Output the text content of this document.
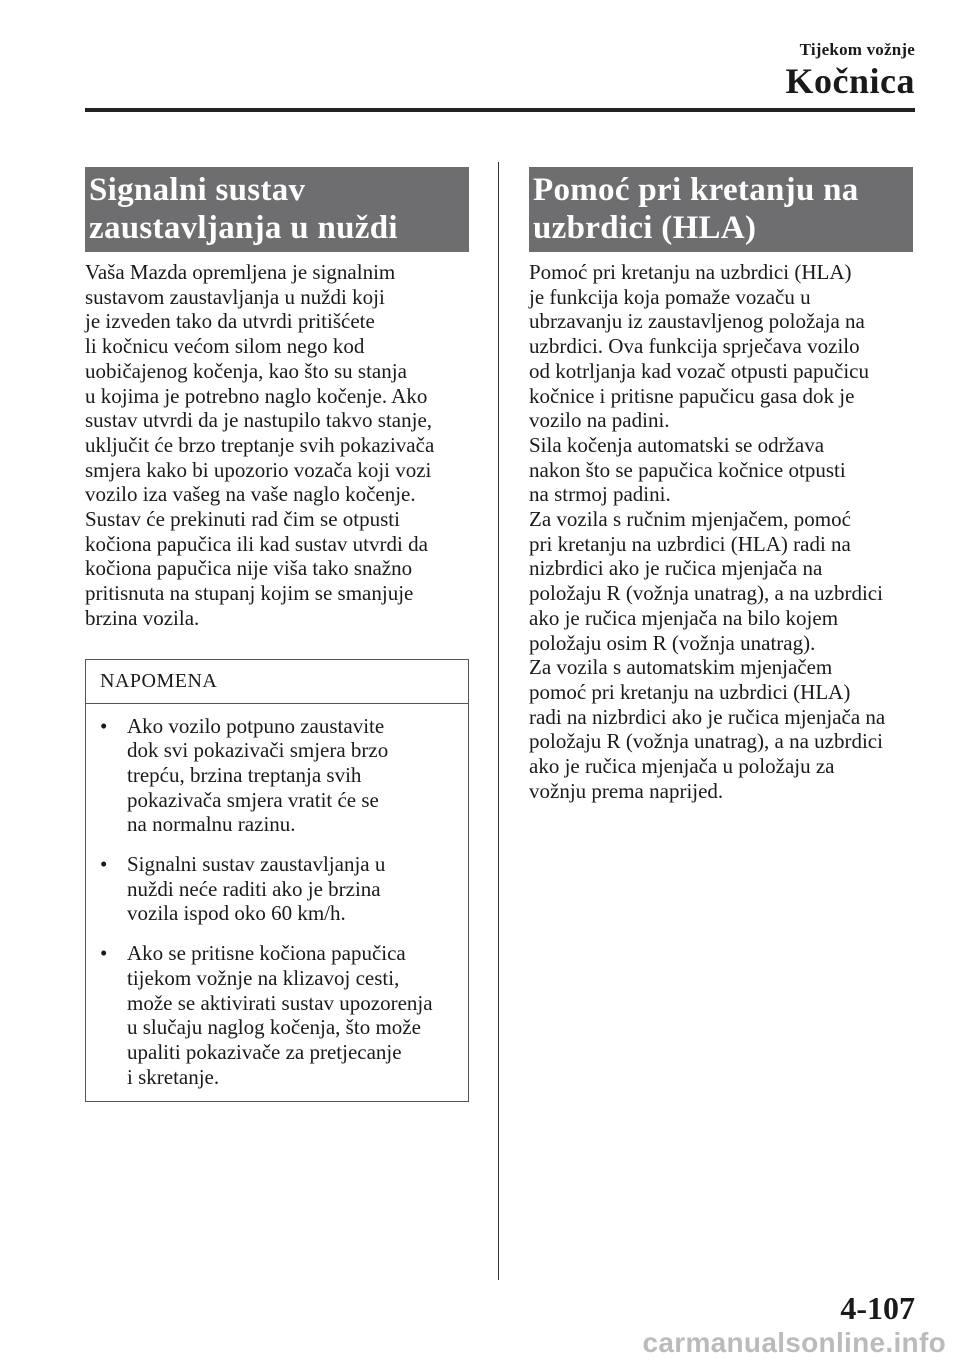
Tijekom vožnje
Kočnica
Signalni sustav
zaustavljanja u nuždi
Vaša Mazda opremljena je signalnim
sustavom zaustavljanja u nuždi koji
je izveden tako da utvrdi pritišćete
li kočnicu većom silom nego kod
uobičajenog kočenja, kao što su stanja
u kojima je potrebno naglo kočenje. Ako
sustav utvrdi da je nastupilo takvo stanje,
uključit će brzo treptanje svih pokazivača
smjera kako bi upozorio vozača koji vozi
vozilo iza vašeg na vaše naglo kočenje.
Sustav će prekinuti rad čim se otpusti
kočiona papučica ili kad sustav utvrdi da
kočiona papučica nije viša tako snažno
pritisnuta na stupanj kojim se smanjuje
brzina vozila.
NAPOMENA
• Ako vozilo potpuno zaustavite
dok svi pokazivači smjera brzo
trepću, brzina treptanja svih
pokazivača smjera vratit će se
na normalnu razinu.
• Signalni sustav zaustavljanja u
nuždi neće raditi ako je brzina
vozila ispod oko 60 km/h.
• Ako se pritisne kočiona papučica
tijekom vožnje na klizavoj cesti,
može se aktivirati sustav upozorenja
u slučaju naglog kočenja, što može
upaliti pokazivače za pretjecanje
i skretanje.
Pomoć pri kretanju na
uzbrdici (HLA)
Pomoć pri kretanju na uzbrdici (HLA)
je funkcija koja pomaže vozaču u
ubrzavanju iz zaustavljenog položaja na
uzbrdici. Ova funkcija sprječava vozilo
od kotrljanja kad vozač otpusti papučicu
kočnice i pritisne papučicu gasa dok je
vozilo na padini.
Sila kočenja automatski se održava
nakon što se papučica kočnice otpusti
na strmoj padini.
Za vozila s ručnim mjenjačem, pomoć
pri kretanju na uzbrdici (HLA) radi na
nizbrdici ako je ručica mjenjača na
položaju R (vožnja unatrag), a na uzbrdici
ako je ručica mjenjača na bilo kojem
položaju osim R (vožnja unatrag).
Za vozila s automatskim mjenjačem
pomoć pri kretanju na uzbrdici (HLA)
radi na nizbrdici ako je ručica mjenjača na
položaju R (vožnja unatrag), a na uzbrdici
ako je ručica mjenjača u položaju za
vožnju prema naprijed.
4-107
carmanualsonline.info
